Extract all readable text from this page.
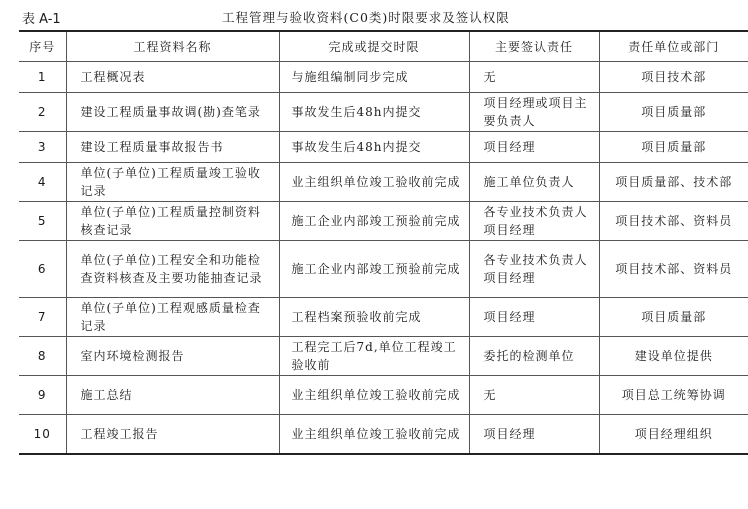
表 A-1	工程管理与验收资料(C0类)时限要求及签认权限
序号	工程资料名称	完成或提交时限	主要签认责任	责任单位或部门
1	工程概况表	与施组编制同步完成	无	项目技术部
2	建设工程质量事故调(勘)查笔录	事故发生后48h内提交	项目经理或项目主要负责人	项目质量部
3	建设工程质量事故报告书	事故发生后48h内提交	项目经理	项目质量部
4	单位(子单位)工程质量竣工验收记录	业主组织单位竣工验收前完成	施工单位负责人	项目质量部、技术部
5	单位(子单位)工程质量控制资料核查记录	施工企业内部竣工预验前完成	各专业技术负责人项目经理	项目技术部、资料员
6	单位(子单位)工程安全和功能检查资料核查及主要功能抽查记录	施工企业内部竣工预验前完成	各专业技术负责人项目经理	项目技术部、资料员
7	单位(子单位)工程观感质量检查记录	工程档案预验收前完成	项目经理	项目质量部
8	室内环境检测报告	工程完工后7d,单位工程竣工验收前	委托的检测单位	建设单位提供
9	施工总结	业主组织单位竣工验收前完成	无	项目总工统筹协调
10	工程竣工报告	业主组织单位竣工验收前完成	项目经理	项目经理组织
